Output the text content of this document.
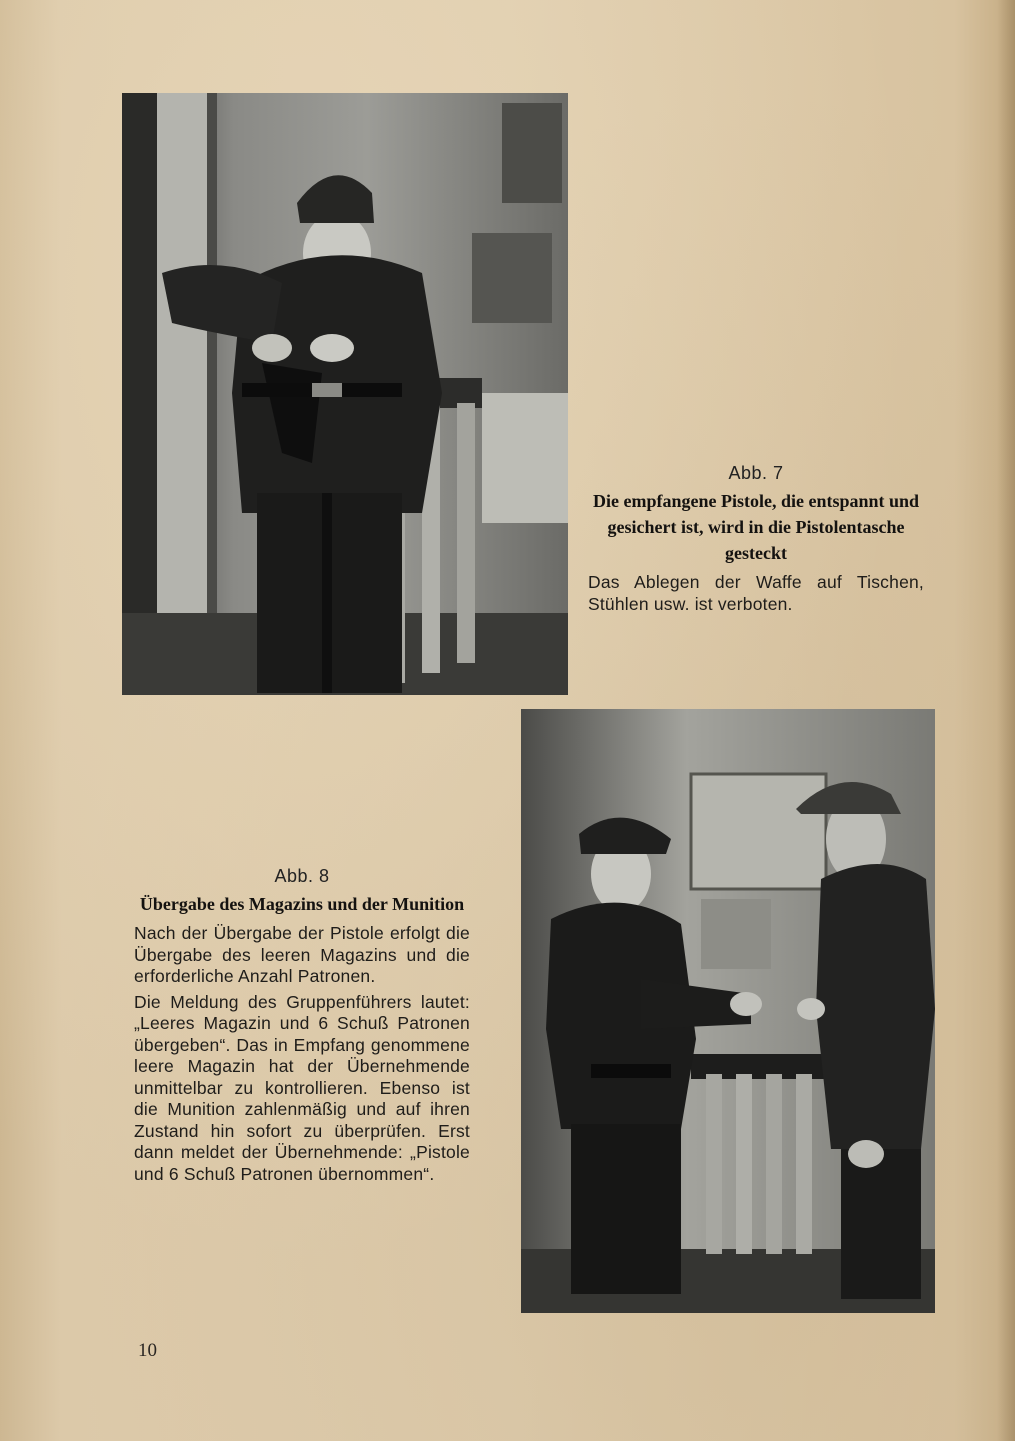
Abb. 7

Die empfangene Pistole, die entspannt und gesichert ist, wird in die Pistolentasche gesteckt

Das Ablegen der Waffe auf Tischen, Stühlen usw. ist verboten.

Abb. 8

Übergabe des Magazins und der Munition

Nach der Übergabe der Pistole erfolgt die Übergabe des leeren Magazins und die erforderliche Anzahl Patronen.

Die Meldung des Gruppenführers lautet: „Leeres Magazin und 6 Schuß Patronen übergeben“. Das in Empfang genommene leere Magazin hat der Übernehmende unmittelbar zu kontrollieren. Ebenso ist die Munition zahlenmäßig und auf ihren Zustand hin sofort zu überprüfen. Erst dann meldet der Übernehmende: „Pistole und 6 Schuß Patronen übernommen“.

10
